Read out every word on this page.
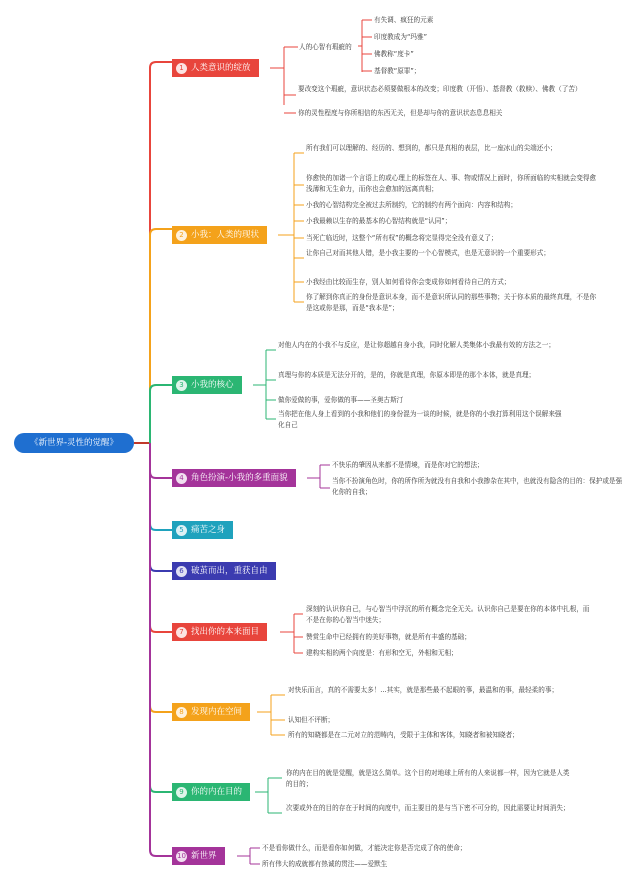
《新世界-灵性的觉醒》
1 人类意识的绽放
人的心智有瑕疵的
有失调、疯狂的元素
印度教成为“玛雅”
佛教称“度卡”
基督教“原罪”；
要改变这个瑕疵，意识状态必须要做根本的改变；印度教（开悟）、基督教（救赎）、佛教（了苦）
你的灵性程度与你所相信的东西无关，但是却与你的意识状态息息相关
2 小我：人类的现状
所有我们可以理解的、经历的、想到的，都只是真相的表层，比一座冰山的尖端还小；
你愈快的加诸一个言语上的或心理上的标签在人、事、物或情况上面时，你所面临的实相就会变得愈浅薄和无生命力，而你也会愈加的远离真相；
小我的心智结构完全被过去所制约，它的制约有两个面向：内容和结构；
小我最赖以生存的最基本的心智结构就是“认同”；
当死亡临近时，这整个“所有权”的概念将完显得完全没有意义了；
让你自己对而其他人错，是小我主要的一个心智模式，也是无意识的一个重要形式；
小我经由比较而生存，别人如何看待你会变成你如何看待自己的方式；
你了解到你真正的身份是意识本身，而不是意识所认同的那些事物；关于你本质的最终真理，不是你是这或你是那，而是“我本是”；
3 小我的核心
对他人内在的小我不与反应，是让你超越自身小我，同时化解人类集体小我最有效的方法之一；
真理与你的本质是无法分开的，是的，你就是真理，你原本即是的那个本体，就是真理；
做你爱做的事，爱你做的事——圣奥古斯汀
当你把在他人身上看到的小我和他们的身份混为一谈的时候，就是你的小我打算利用这个误解来强化自己
4 角色扮演-小我的多重面貌
不快乐的肇因从来都不是情境，而是你对它的想法；
当你不扮演角色时，你的所作所为就没有自我和小我掺杂在其中，也就没有隐含的目的：保护或是强化你的自我；
5 痛苦之身
6 破茧而出，重获自由
7 找出你的本来面目
深刻的认识你自己，与心智当中浮沉的所有概念完全无关。认识你自己是要在你的本体中扎根，而不是在你的心智当中迷失；
赞赏生命中已经拥有的美好事物，就是所有丰盛的基础；
建构实相的两个向度是：有形和空无，外相和无相；
8 发现内在空间
对快乐而言，真的不需要太多！...其实，就是那些最不起眼的事，最温和的事，最轻柔的事；
认知但不评断；
所有的知晓都是在二元对立的范畴内，受限于主体和客体，知晓者和被知晓者；
9 你的内在目的
你的内在目的就是觉醒，就是这么简单。这个目的对地球上所有的人来说都一样，因为它就是人类的目的；
次要或外在的目的存在于时间的向度中，而主要目的是与当下密不可分的，因此需要让时间消失；
10 新世界
不是看你做什么，而是看你如何做，才能决定你是否完成了你的使命；
所有伟大的成就都有热诚的贯注——爱默生
